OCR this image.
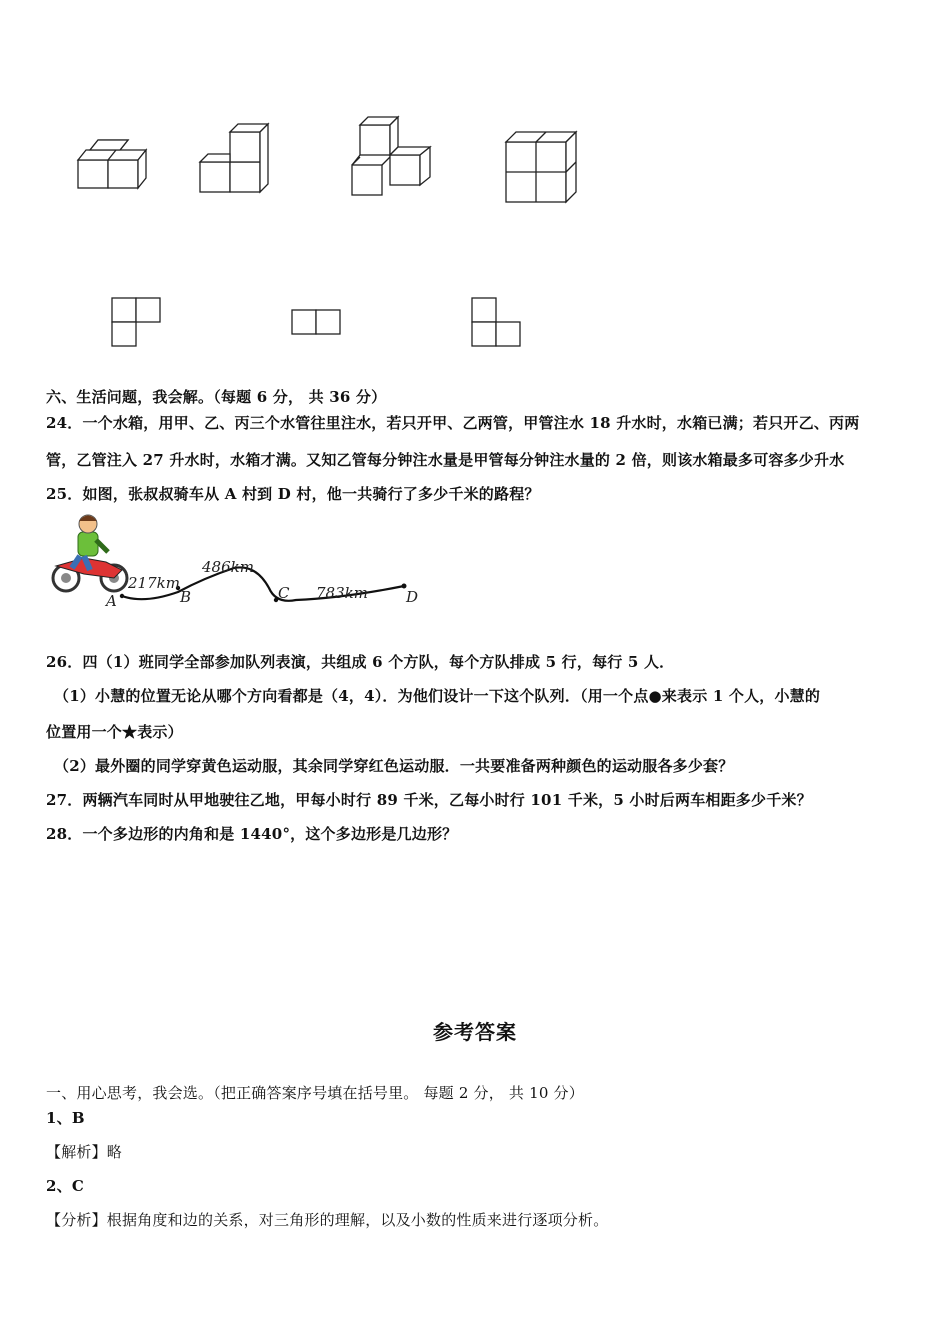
六、生活问题，我会解。（每题 6 分， 共 36 分）
24．一个水箱，用甲、乙、丙三个水管往里注水，若只开甲、乙两管，甲管注水 18 升水时，水箱已满；若只开乙、丙两
管，乙管注入 27 升水时，水箱才满。又知乙管每分钟注水量是甲管每分钟注水量的 2 倍，则该水箱最多可容多少升水
25．如图，张叔叔骑车从 A 村到 D 村，他一共骑行了多少千米的路程？
217km
486km
783km
A	B	C	D
26．四（1）班同学全部参加队列表演，共组成 6 个方队，每个方队排成 5 行，每行 5 人．
（1）小慧的位置无论从哪个方向看都是（4，4）．为他们设计一下这个队列．（用一个点●来表示 1 个人，小慧的
位置用一个★表示）
（2）最外圈的同学穿黄色运动服，其余同学穿红色运动服．一共要准备两种颜色的运动服各多少套？
27．两辆汽车同时从甲地驶往乙地，甲每小时行 89 千米，乙每小时行 101 千米，5 小时后两车相距多少千米？
28．一个多边形的内角和是 1440°，这个多边形是几边形？
参考答案
一、用心思考，我会选。（把正确答案序号填在括号里。 每题 2 分， 共 10 分）
1、B
【解析】略
2、C
【分析】根据角度和边的关系，对三角形的理解，以及小数的性质来进行逐项分析。
